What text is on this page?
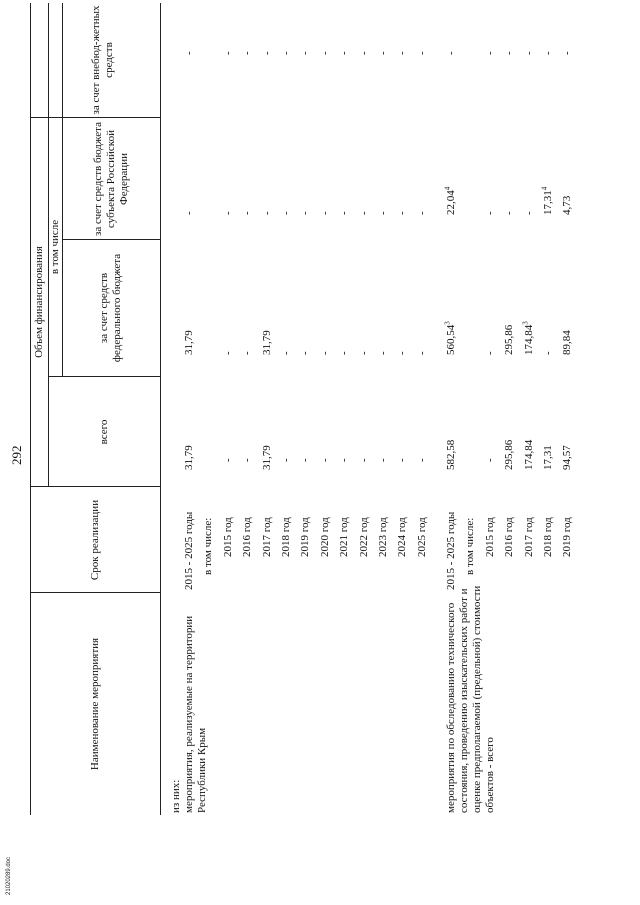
292
Наименование мероприятия
Срок реализации
Объем финансирования
всего
в том числе
за счет средств федерального бюджета
за счет средств бюджета субъекта Российской Федерации
за счет внебюд-жетных средств
из них: мероприятия, реализуемые на территории Республики Крым
2015 - 2025 годы
31,79
31,79
-
-
в том числе: 2015 год
-
-
-
-
2016 год
-
-
-
-
2017 год
31,79
31,79
-
-
2018 год
-
-
-
-
2019 год
-
-
-
-
2020 год
-
-
-
-
2021 год
-
-
-
-
2022 год
-
-
-
-
2023 год
-
-
-
-
2024 год
-
-
-
-
2025 год
-
-
-
-
мероприятия по обследованию технического состояния, проведению изыскательских работ и оценке предполагаемой (предельной) стоимости объектов - всего
2015 - 2025 годы
582,58
560,54$^3$
22,04$^4$
-
в том числе: 2015 год
-
-
-
-
2016 год
295,86
295,86
-
-
2017 год
174,84
174,84$^3$
-
-
2018 год
17,31
-
17,31$^4$
-
2019 год
94,57
89,84
4,73
-
21020289.doc
